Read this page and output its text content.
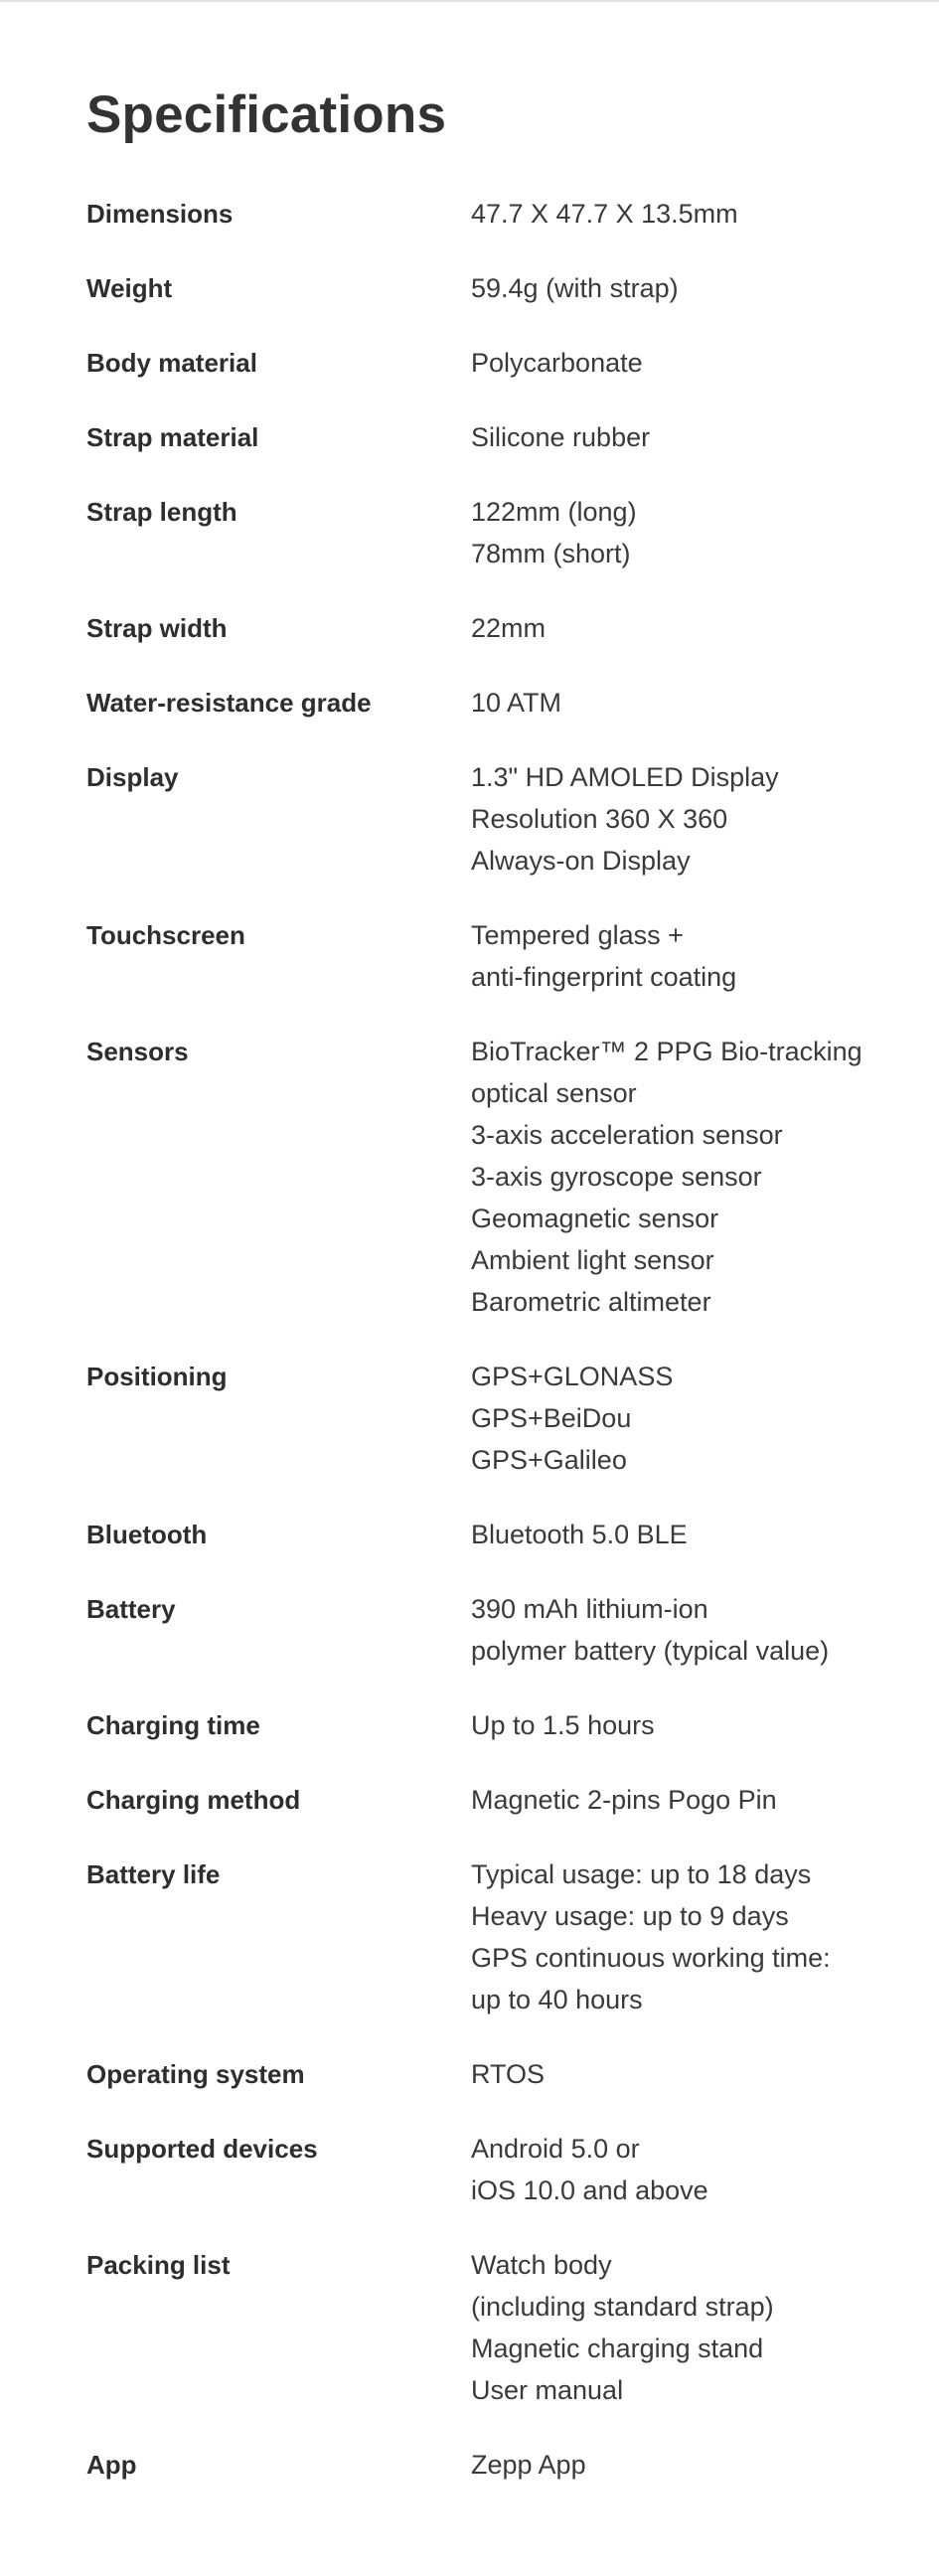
Specifications
Dimensions	47.7 X 47.7 X 13.5mm
Weight	59.4g (with strap)
Body material	Polycarbonate
Strap material	Silicone rubber
Strap length	122mm (long)
78mm (short)
Strap width	22mm
Water-resistance grade	10 ATM
Display	1.3" HD AMOLED Display
Resolution 360 X 360
Always-on Display
Touchscreen	Tempered glass +
anti-fingerprint coating
Sensors	BioTracker™ 2 PPG Bio-tracking
optical sensor
3-axis acceleration sensor
3-axis gyroscope sensor
Geomagnetic sensor
Ambient light sensor
Barometric altimeter
Positioning	GPS+GLONASS
GPS+BeiDou
GPS+Galileo
Bluetooth	Bluetooth 5.0 BLE
Battery	390 mAh lithium-ion
polymer battery (typical value)
Charging time	Up to 1.5 hours
Charging method	Magnetic 2-pins Pogo Pin
Battery life	Typical usage: up to 18 days
Heavy usage: up to 9 days
GPS continuous working time:
up to 40 hours
Operating system	RTOS
Supported devices	Android 5.0 or
iOS 10.0 and above
Packing list	Watch body
(including standard strap)
Magnetic charging stand
User manual
App	Zepp App
